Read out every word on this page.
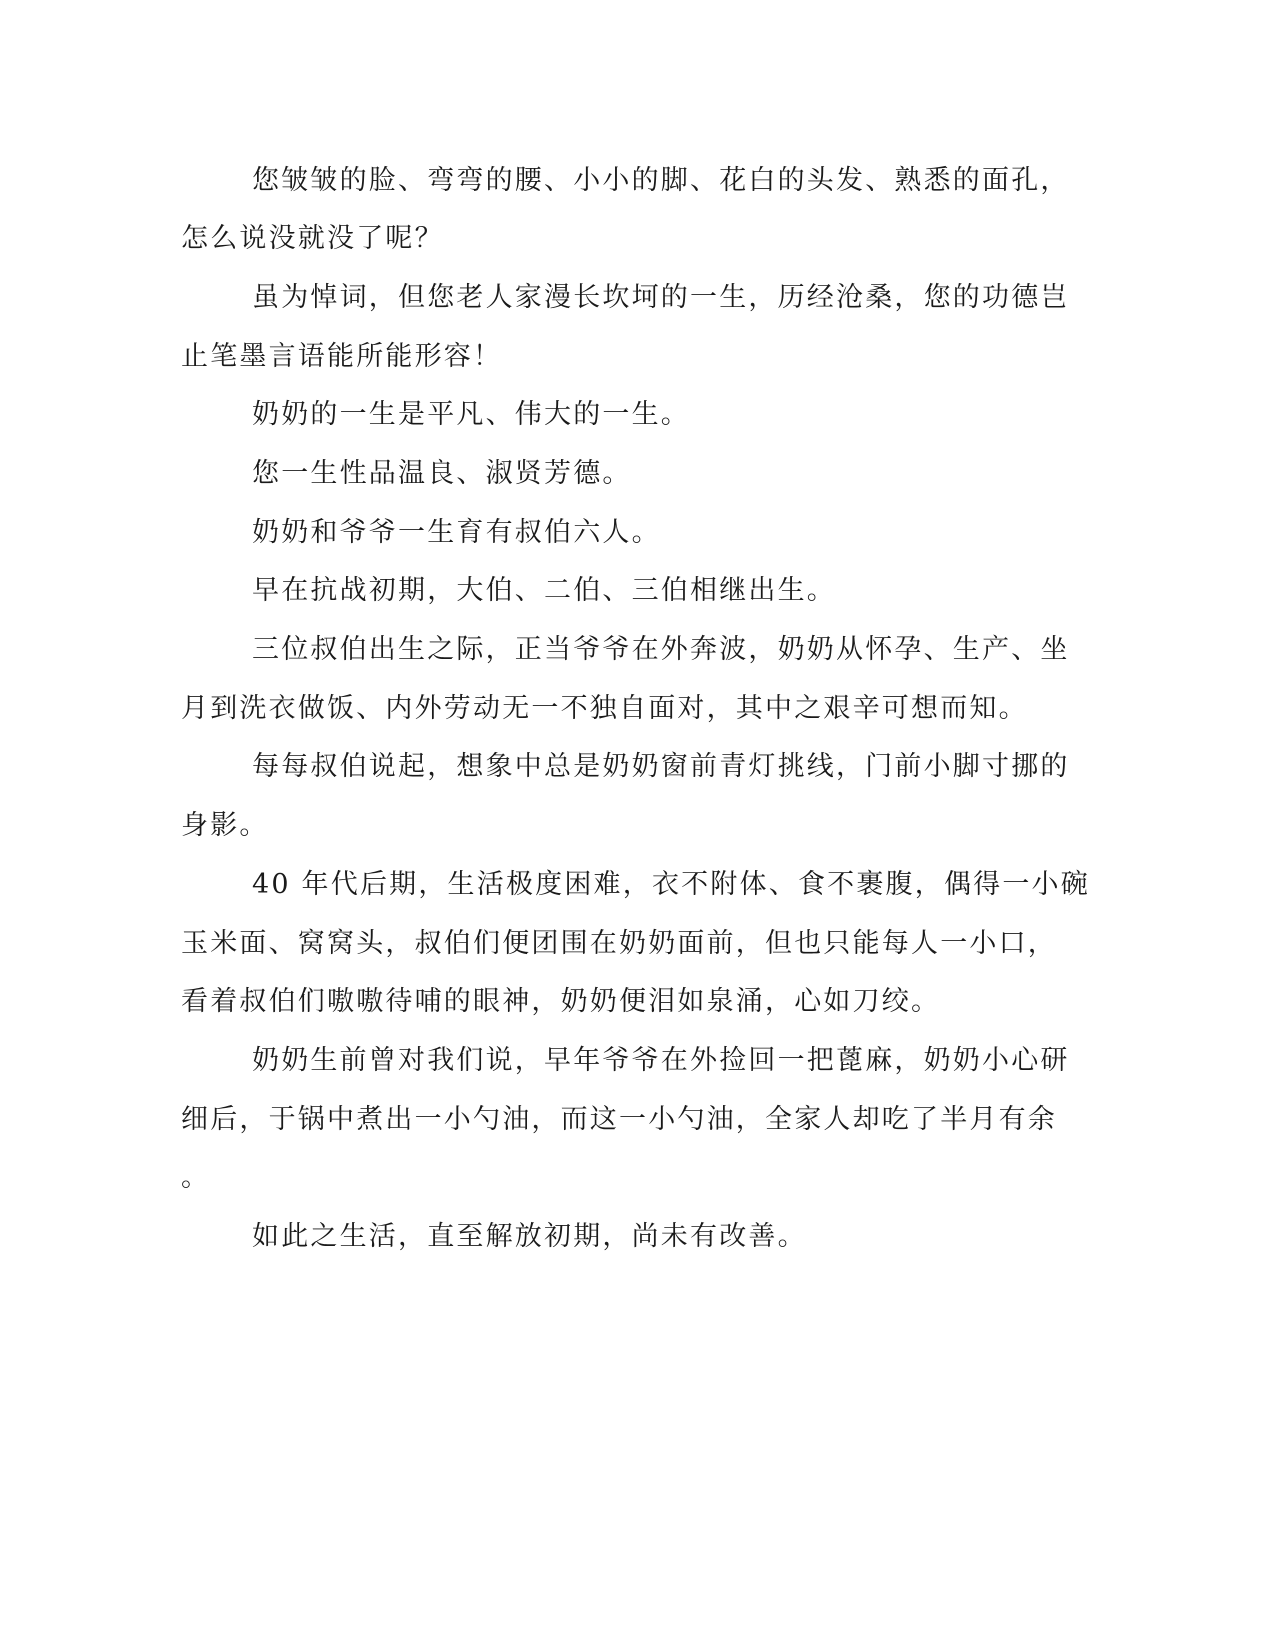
您皱皱的脸、弯弯的腰、小小的脚、花白的头发、熟悉的面孔，
怎么说没就没了呢？
虽为悼词，但您老人家漫长坎坷的一生，历经沧桑，您的功德岂
止笔墨言语能所能形容！
奶奶的一生是平凡、伟大的一生。
您一生性品温良、淑贤芳德。
奶奶和爷爷一生育有叔伯六人。
早在抗战初期，大伯、二伯、三伯相继出生。
三位叔伯出生之际，正当爷爷在外奔波，奶奶从怀孕、生产、坐
月到洗衣做饭、内外劳动无一不独自面对，其中之艰辛可想而知。
每每叔伯说起，想象中总是奶奶窗前青灯挑线，门前小脚寸挪的
身影。
40 年代后期，生活极度困难，衣不附体、食不裹腹，偶得一小碗
玉米面、窝窝头，叔伯们便团围在奶奶面前，但也只能每人一小口，
看着叔伯们嗷嗷待哺的眼神，奶奶便泪如泉涌，心如刀绞。
奶奶生前曾对我们说，早年爷爷在外捡回一把蓖麻，奶奶小心研
细后，于锅中煮出一小勺油，而这一小勺油，全家人却吃了半月有余
。
如此之生活，直至解放初期，尚未有改善。
